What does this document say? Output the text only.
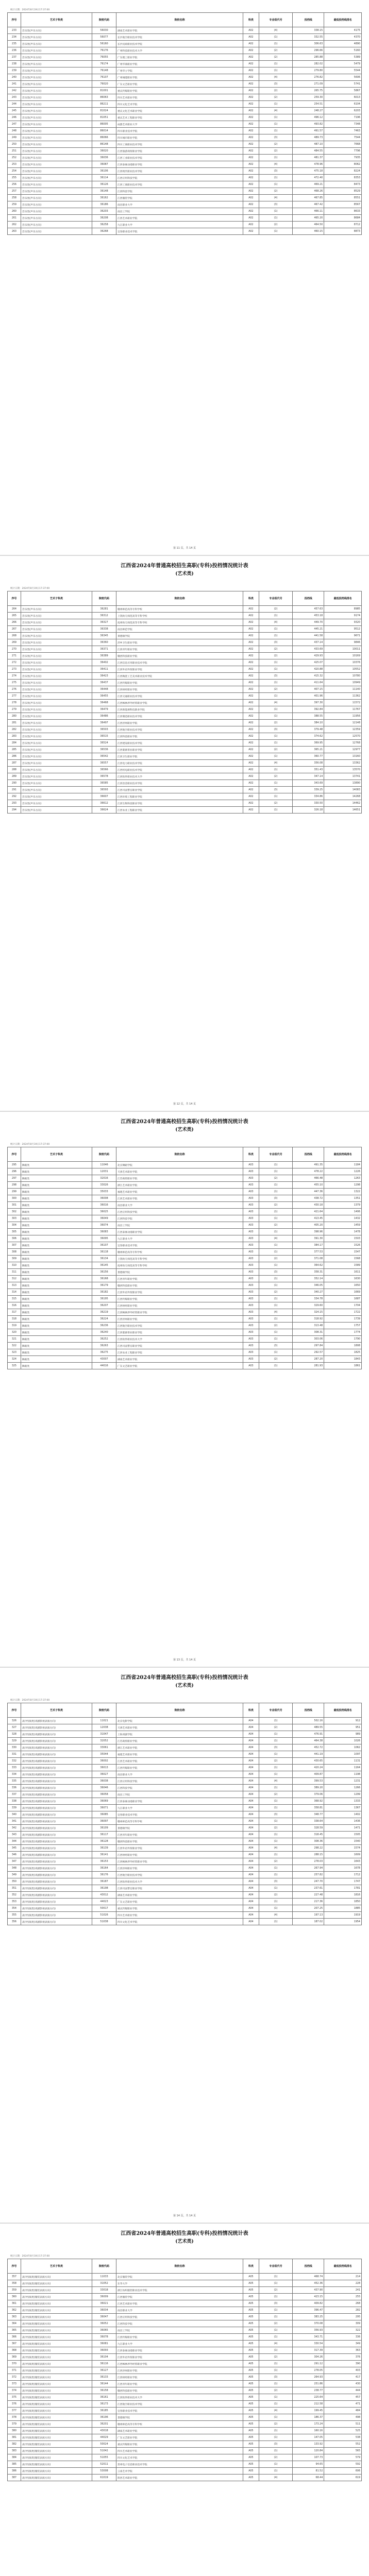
统计日期：2024年8月19日17:37:00
序号	艺术子科类	院校代码	院校名称	科类	专业组代号	投档线	最低投档线排名
233	音乐类(声乐方向)	56030	湖南艺术职业学院	A02	(4)	338.15	4175
234	音乐类(声乐方向)	56077	长沙航空职业技术学院	A02	(1)	332.55	4370
235	音乐类(声乐方向)	56160	长沙民政职业技术学院	A02	(1)	306.63	4890
236	音乐类(声乐方向)	76176	广州科技职业技术大学	A02	(2)	296.66	5160
237	音乐类(声乐方向)	76055	广东理工职业学院	A02	(2)	285.88	5389
238	音乐类(声乐方向)	76174	广州华商职业学院	A02	(1)	282.02	5479
239	音乐类(声乐方向)	76148	广州华立学院	A02	(1)	279.80	5544
240	音乐类(声乐方向)	76107	广州城建职业学院	A02	(4)	276.82	5606
241	音乐类(声乐方向)	76020	广东文艺职业学院	A02	(3)	271.09	5741
242	音乐类(声乐方向)	81001	重庆传媒职业学院	A02	(2)	265.75	5867
243	音乐类(声乐方向)	86063	四川艺术职业学院	A02	(2)	259.30	6013
244	音乐类(声乐方向)	86211	四川文化艺术学院	A02	(1)	254.51	6104
245	音乐类(声乐方向)	81024	重庆文化艺术职业学院	A02	(4)	248.27	6203
246	音乐类(声乐方向)	81051	重庆艺术工程职业学院	A02	(1)	496.12	7196
247	音乐类(声乐方向)	86005	成都艺术职业大学	A02	(1)	493.82	7348
248	音乐类(声乐方向)	86014	四川职业技术学院	A02	(1)	491.57	7463
249	音乐类(声乐方向)	86066	四川城市职业学院	A02	(3)	489.73	7544
250	音乐类(声乐方向)	86148	四川工商职业技术学院	A02	(2)	487.10	7668
251	音乐类(声乐方向)	36020	江西旅游商贸职业学院	A02	(2)	484.55	7796
252	音乐类(声乐方向)	36036	江西工业职业技术学院	A02	(1)	481.37	7935
253	音乐类(声乐方向)	36087	江西泰豪动漫职业学院	A02	(4)	478.96	8062
254	音乐类(声乐方向)	36106	江西现代职业技术学院	A02	(3)	475.18	8224
255	音乐类(声乐方向)	36114	江西应用科技学院	A02	(1)	472.40	8353
256	音乐类(声乐方向)	36126	江西工商职业技术学院	A02	(1)	469.21	8473
257	音乐类(声乐方向)	36148	江西科技学院	A02	(2)	468.26	8529
258	音乐类(声乐方向)	36162	江西服装学院	A02	(4)	467.85	8551
259	音乐类(声乐方向)	36186	南昌职业大学	A02	(3)	467.42	8567
260	音乐类(声乐方向)	36203	南昌工学院	A02	(1)	466.11	8633
261	音乐类(声乐方向)	36208	江西艺术职业学院	A02	(1)	465.20	8684
262	音乐类(声乐方向)	36258	九江职业大学	A02	(2)	464.50	8712
263	音乐类(声乐方向)	36268	宜春职业技术学院	A02	(1)	460.15	8873
第 11 页，共 14 页
江西省2024年普通高校招生高职(专科)投档情况统计表
(艺术类)
统计日期：2024年8月19日17:37:00
序号	艺术子科类	院校代码	院校名称	科类	专业组代号	投档线	最低投档线排名
264	音乐类(声乐方向)	36281	赣州师范高等专科学校	A02	(2)	457.63	8985
265	音乐类(声乐方向)	36312	上饶幼儿师范高等专科学校	A02	(1)	453.18	9174
266	音乐类(声乐方向)	36327	抚州幼儿师范高等专科学校	A02	(4)	449.70	9320
267	音乐类(声乐方向)	36338	南昌师范学院	A02	(1)	445.21	9512
268	音乐类(声乐方向)	36345	景德镇学院	A02	(1)	441.58	9671
269	音乐类(声乐方向)	36360	萍乡卫生职业学院	A02	(3)	437.14	9846
270	音乐类(声乐方向)	36371	江西青年职业学院	A02	(2)	433.69	10011
271	音乐类(声乐方向)	36389	赣西科技职业学院	A02	(2)	429.93	10169
272	音乐类(声乐方向)	36402	江西信息应用职业技术学院	A02	(1)	425.07	10376
273	音乐类(声乐方向)	36411	江西外语外贸职业学院	A02	(1)	420.88	10552
274	音乐类(声乐方向)	36423	江西陶瓷工艺美术职业技术学院	A02	(3)	415.32	10780
275	音乐类(声乐方向)	36437	江西传媒职业学院	A02	(1)	411.64	10949
276	音乐类(声乐方向)	36448	江西财经职业学院	A02	(2)	407.15	11140
277	音乐类(声乐方向)	36455	江西交通职业技术学院	A02	(1)	401.96	11362
278	音乐类(声乐方向)	36468	江西枫林涉外经贸职业学院	A02	(4)	397.30	11572
279	音乐类(声乐方向)	36479	江西新能源科技职业学院	A02	(1)	392.84	11767
280	音乐类(声乐方向)	36486	江西制造职业技术学院	A02	(1)	388.55	11956
281	音乐类(声乐方向)	36497	江西洪州职业学院	A02	(2)	384.10	12148
282	音乐类(声乐方向)	36503	江西航空职业技术学院	A02	(3)	379.48	12359
283	音乐类(声乐方向)	36515	江西科技职业学院	A02	(1)	374.62	12570
284	音乐类(声乐方向)	36524	江西建设职业技术学院	A02	(1)	369.95	12768
285	音乐类(声乐方向)	36536	江西婺源茶业职业学院	A02	(2)	365.21	12977
286	音乐类(声乐方向)	36542	江西卫生职业学院	A02	(1)	360.77	13160
287	音乐类(声乐方向)	36557	江西电力职业技术学院	A02	(4)	356.08	13362
288	音乐类(声乐方向)	36566	江西机电职业技术学院	A02	(1)	351.43	13570
289	音乐类(声乐方向)	36578	江西软件职业技术大学	A02	(2)	347.14	13741
290	音乐类(声乐方向)	36585	江西冶金职业技术学院	A02	(1)	343.69	13890
291	音乐类(声乐方向)	36593	江西司法警官职业学院	A02	(3)	339.25	14083
292	音乐类(声乐方向)	36607	江西环境工程职业学院	A02	(1)	334.86	14268
293	音乐类(声乐方向)	36612	江西生物科技职业学院	A02	(2)	330.50	14462
294	音乐类(声乐方向)	36624	江西农业工程职业学院	A02	(1)	326.18	14651
第 12 页，共 14 页
江西省2024年普通高校招生高职(专科)投档情况统计表
(艺术类)
统计日期：2024年8月19日17:37:00
序号	艺术子科类	院校代码	院校名称	科类	专业组代号	投档线	最低投档线排名
295	舞蹈类	11046	北京舞蹈学院	A03	(1)	491.35	1184
296	舞蹈类	12031	天津艺术职业学院	A03	(1)	478.22	1226
297	舞蹈类	32016	江苏商贸职业学院	A03	(2)	466.48	1263
298	舞蹈类	33026	浙江艺术职业学院	A03	(1)	455.10	1298
299	舞蹈类	35033	福建艺术职业学院	A03	(1)	447.36	1322
300	舞蹈类	36008	江西艺术职业学院	A03	(3)	438.72	1351
301	舞蹈类	36016	南昌职业大学	A03	(2)	430.18	1379
302	舞蹈类	36025	江西应用科技学院	A03	(1)	421.64	1406
303	舞蹈类	36049	江西科技学院	A03	(1)	413.45	1432
304	舞蹈类	36074	南昌工学院	A03	(2)	405.20	1459
305	舞蹈类	36083	江西泰豪动漫职业学院	A03	(1)	398.96	1478
306	舞蹈类	36095	九江职业大学	A03	(4)	391.30	1503
307	舞蹈类	36107	宜春职业技术学院	A03	(1)	384.17	1526
308	舞蹈类	36118	赣州师范高等专科学校	A03	(1)	377.53	1547
309	舞蹈类	36134	上饶幼儿师范高等专科学校	A03	(2)	371.08	1568
310	舞蹈类	36145	抚州幼儿师范高等专科学校	A03	(1)	364.62	1589
311	舞蹈类	36156	景德镇学院	A03	(3)	358.31	1611
312	舞蹈类	36168	江西青年职业学院	A03	(1)	352.14	1630
313	舞蹈类	36179	赣西科技职业学院	A03	(1)	346.05	1650
314	舞蹈类	36182	江西外语外贸职业学院	A03	(2)	340.27	1669
315	舞蹈类	36195	江西传媒职业学院	A03	(1)	334.78	1687
316	舞蹈类	36207	江西财经职业学院	A03	(1)	329.60	1704
317	舞蹈类	36219	江西枫林涉外经贸职业学院	A03	(4)	324.15	1722
318	舞蹈类	36224	江西洪州职业学院	A03	(1)	318.92	1739
319	舞蹈类	36236	江西航空职业技术学院	A03	(2)	313.48	1757
320	舞蹈类	36240	江西婺源茶业职业学院	A03	(1)	308.31	1774
321	舞蹈类	36252	江西软件职业技术大学	A03	(1)	303.06	1790
322	舞蹈类	36263	江西司法警官职业学院	A03	(3)	297.84	1808
323	舞蹈类	36275	江西农业工程职业学院	A03	(1)	292.57	1825
324	舞蹈类	43007	湖南艺术职业学院	A03	(2)	287.20	1843
325	舞蹈类	44016	广东文艺职业学院	A03	(1)	281.93	1861
第 13 页，共 14 页
江西省2024年普通高校招生高职(专科)投档情况统计表
(艺术类)
统计日期：2024年8月19日17:37:00
序号	艺术子科类	院校代码	院校名称	科类	专业组代号	投档线	最低投档线排名
326	表(导)演类(戏剧影视表演方向)	11021	北京电影学院	A04	(1)	502.16	912
327	表(导)演类(戏剧影视表演方向)	12038	天津艺术职业学院	A04	(2)	489.55	951
328	表(导)演类(戏剧影视表演方向)	31047	上海戏剧学院	A04	(1)	476.91	989
329	表(导)演类(戏剧影视表演方向)	32052	江苏商贸职业学院	A04	(1)	464.38	1026
330	表(导)演类(戏剧影视表演方向)	33061	浙江艺术职业学院	A04	(3)	452.72	1062
331	表(导)演类(戏剧影视表演方向)	35044	福建艺术职业学院	A04	(1)	441.19	1097
332	表(导)演类(戏剧影视表演方向)	36002	江西艺术职业学院	A04	(2)	430.65	1131
333	表(导)演类(戏剧影视表演方向)	36013	江西传媒职业学院	A04	(1)	420.24	1164
334	表(导)演类(戏剧影视表演方向)	36027	南昌职业大学	A04	(1)	409.87	1198
335	表(导)演类(戏剧影视表演方向)	36038	江西应用科技学院	A04	(4)	399.53	1231
336	表(导)演类(戏剧影视表演方向)	36046	江西科技学院	A04	(1)	389.20	1266
337	表(导)演类(戏剧影视表演方向)	36058	南昌工学院	A04	(2)	379.06	1299
338	表(导)演类(戏剧影视表演方向)	36069	江西泰豪动漫职业学院	A04	(1)	368.92	1333
339	表(导)演类(戏剧影视表演方向)	36071	九江职业大学	A04	(1)	358.81	1367
340	表(导)演类(戏剧影视表演方向)	36085	宜春职业技术学院	A04	(3)	348.77	1402
341	表(导)演类(戏剧影视表演方向)	36097	赣州师范高等专科学校	A04	(1)	338.64	1436
342	表(导)演类(戏剧影视表演方向)	36109	景德镇学院	A04	(2)	328.59	1471
343	表(导)演类(戏剧影视表演方向)	36117	江西青年职业学院	A04	(1)	318.45	1505
344	表(导)演类(戏剧影视表演方向)	36128	赣西科技职业学院	A04	(1)	308.36	1540
345	表(导)演类(戏剧影视表演方向)	36139	江西外语外贸职业学院	A04	(4)	298.22	1574
346	表(导)演类(戏剧影视表演方向)	36141	江西财经职业学院	A04	(1)	288.15	1609
347	表(导)演类(戏剧影视表演方向)	36153	江西枫林涉外经贸职业学院	A04	(2)	278.03	1643
348	表(导)演类(戏剧影视表演方向)	36164	江西洪州职业学院	A04	(1)	267.94	1678
349	表(导)演类(戏剧影视表演方向)	36176	江西航空职业技术学院	A04	(1)	257.82	1712
350	表(导)演类(戏剧影视表演方向)	36187	江西软件职业技术大学	A04	(3)	247.70	1747
351	表(导)演类(戏剧影视表演方向)	36198	江西司法警官职业学院	A04	(1)	237.61	1781
352	表(导)演类(戏剧影视表演方向)	43012	湖南艺术职业学院	A04	(2)	227.48	1816
353	表(导)演类(戏剧影视表演方向)	44023	广东文艺职业学院	A04	(1)	217.36	1850
354	表(导)演类(戏剧影视表演方向)	50017	重庆传媒职业学院	A04	(1)	207.25	1885
355	表(导)演类(戏剧影视表演方向)	51026	四川艺术职业学院	A04	(4)	197.13	1919
356	表(导)演类(戏剧影视表演方向)	51038	四川文化艺术学院	A04	(1)	187.02	1954
第 14 页，共 14 页
江西省2024年普通高校招生高职(专科)投档情况统计表
(艺术类)
统计日期：2024年8月19日17:37:00
序号	艺术子科类	院校代码	院校名称	科类	专业组代号	投档线	最低投档线排名
357	表(导)演类(服装表演方向)	11033	北京服装学院	A05	(1)	468.74	214
358	表(导)演类(服装表演方向)	31052	东华大学	A05	(1)	452.36	228
359	表(导)演类(服装表演方向)	33018	浙江纺织服装职业技术学院	A05	(2)	437.90	241
360	表(导)演类(服装表演方向)	36009	江西服装学院	A05	(1)	423.15	255
361	表(导)演类(服装表演方向)	36021	江西艺术职业学院	A05	(3)	409.82	268
362	表(导)演类(服装表演方向)	36034	南昌职业大学	A05	(1)	396.47	282
363	表(导)演类(服装表演方向)	36047	江西应用科技学院	A05	(1)	383.25	295
364	表(导)演类(服装表演方向)	36052	江西科技学院	A05	(2)	370.08	309
365	表(导)演类(服装表演方向)	36065	南昌工学院	A05	(1)	356.93	322
366	表(导)演类(服装表演方向)	36078	江西传媒职业学院	A05	(1)	343.71	336
367	表(导)演类(服装表演方向)	36081	九江职业大学	A05	(4)	330.54	349
368	表(导)演类(服装表演方向)	36093	江西泰豪动漫职业学院	A05	(1)	317.39	363
369	表(导)演类(服装表演方向)	36104	江西外语外贸职业学院	A05	(2)	304.26	376
370	表(导)演类(服装表演方向)	36116	江西枫林涉外经贸职业学院	A05	(1)	291.12	390
371	表(导)演类(服装表演方向)	36127	江西洪州职业学院	A05	(1)	278.05	403
372	表(导)演类(服装表演方向)	36133	江西财经职业学院	A05	(3)	264.93	417
373	表(导)演类(服装表演方向)	36144	江西青年职业学院	A05	(1)	251.86	430
374	表(导)演类(服装表演方向)	36158	赣西科技职业学院	A05	(2)	238.77	444
375	表(导)演类(服装表演方向)	36161	江西软件职业技术大学	A05	(1)	225.64	457
376	表(导)演类(服装表演方向)	36173	江西航空职业技术学院	A05	(1)	212.58	471
377	表(导)演类(服装表演方向)	36185	宜春职业技术学院	A05	(4)	199.45	484
378	表(导)演类(服装表演方向)	36196	景德镇学院	A05	(1)	186.37	498
379	表(导)演类(服装表演方向)	36201	赣州师范高等专科学校	A05	(2)	173.24	511
380	表(导)演类(服装表演方向)	43018	湖南艺术职业学院	A05	(1)	160.16	525
381	表(导)演类(服装表演方向)	44029	广东文艺职业学院	A05	(1)	147.05	538
382	表(导)演类(服装表演方向)	50024	重庆传媒职业学院	A05	(3)	133.92	552
383	表(导)演类(服装表演方向)	51042	四川艺术职业学院	A05	(1)	120.84	565
384	表(导)演类(服装表演方向)	51055	四川文化艺术学院	A05	(2)	107.73	579
385	表(导)演类(服装表演方向)	52011	贵州电子信息职业技术学院	A05	(1)	94.65	592
386	表(导)演类(服装表演方向)	53008	云南艺术学院	A05	(1)	81.52	606
387	表(导)演类(服装表演方向)	61019	陕西艺术职业学院	A05	(4)	68.44	619
